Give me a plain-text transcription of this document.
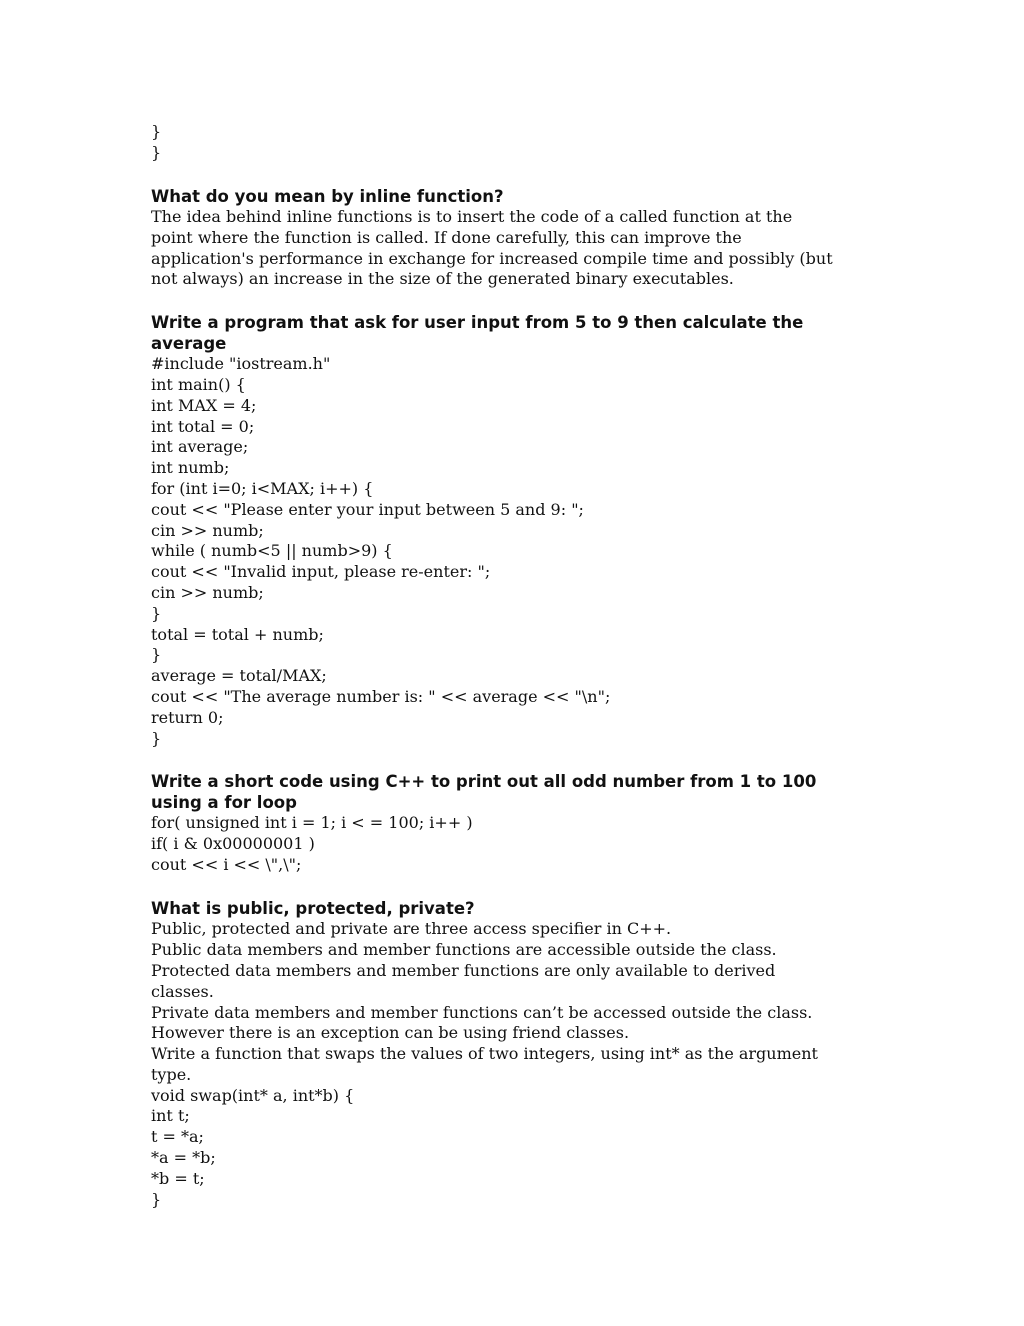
}

}

What do you mean by inline function?

The idea behind inline functions is to insert the code of a called function at the

point where the function is called. If done carefully, this can improve the

application's performance in exchange for increased compile time and possibly (but

not always) an increase in the size of the generated binary executables.

Write a program that ask for user input from 5 to 9 then calculate the average

#include "iostream.h"

int main() {

int MAX = 4;

int total = 0;

int average;

int numb;

for (int i=0; i<MAX; i++) {

cout << "Please enter your input between 5 and 9: ";

cin >> numb;

while ( numb<5 || numb>9) {

cout << "Invalid input, please re-enter: ";

cin >> numb;

}

total = total + numb;

}

average = total/MAX;

cout << "The average number is: " << average << "\n";

return 0;

}

Write a short code using C++ to print out all odd number from 1 to 100

using a for loop

for( unsigned int i = 1; i < = 100; i++ )

if( i & 0x00000001 )

cout << i << \",\";

What is public, protected, private?

Public, protected and private are three access specifier in C++.

Public data members and member functions are accessible outside the class.

Protected data members and member functions are only available to derived

classes.

Private data members and member functions can’t be accessed outside the class.

However there is an exception can be using friend classes.

Write a function that swaps the values of two integers, using int* as the argument

type.

void swap(int* a, int*b) {

int t;

t = *a;

*a = *b;

*b = t;

}
